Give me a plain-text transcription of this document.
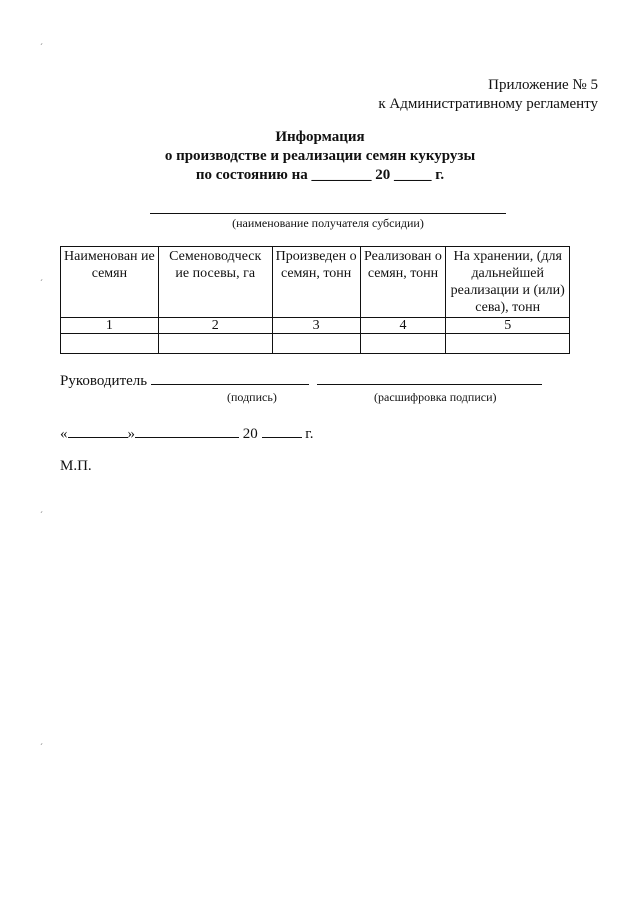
Приложение № 5
к Административному регламенту
Информация
о производстве и реализации семян кукурузы
по состоянию на ________ 20 _____ г.
(наименование получателя субсидии)
Наименован ие семян	Семеноводческ ие посевы, га	Произведен о семян, тонн	Реализован о семян, тонн	На хранении, (для дальнейшей реализации и (или) сева), тонн
1	2	3	4	5

Руководитель
(подпись)	(расшифровка подписи)
«	»	20	г.
М.П.
´
´
´
´
